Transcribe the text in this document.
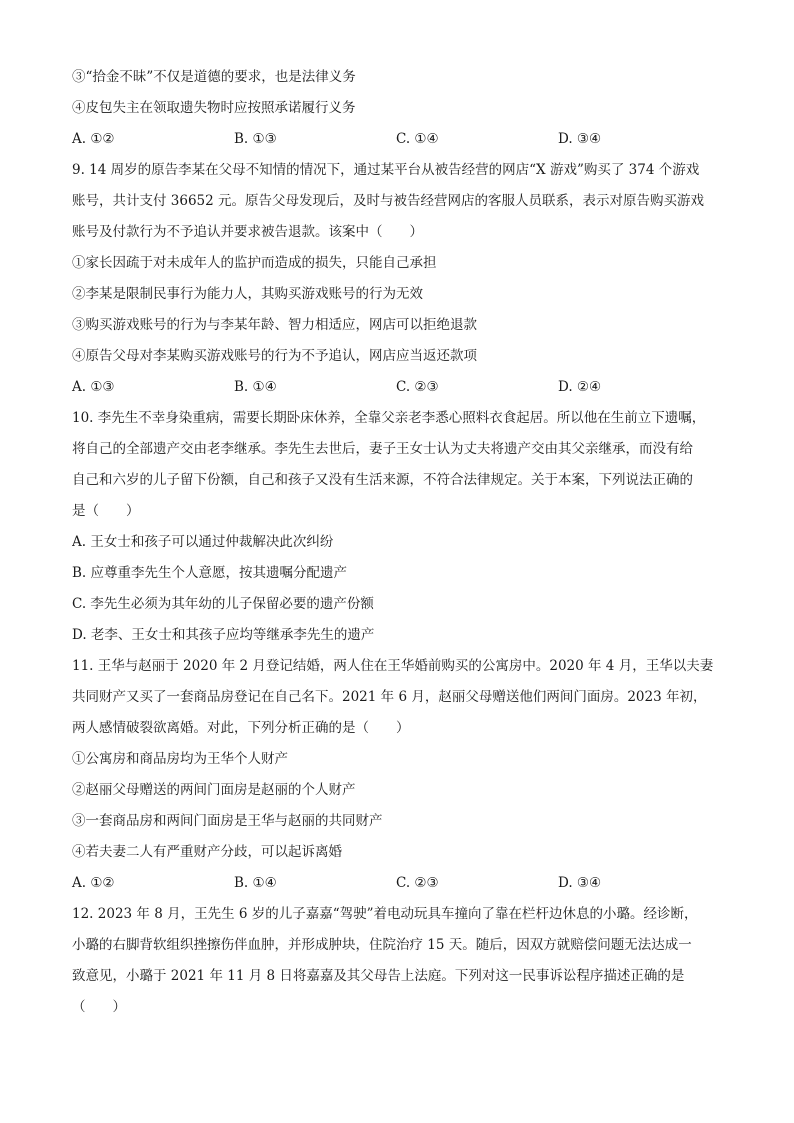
③“拾金不昧”不仅是道德的要求，也是法律义务
④皮包失主在领取遗失物时应按照承诺履行义务
A. ①②	B. ①③	C. ①④	D. ③④
9. 14 周岁的原告李某在父母不知情的情况下，通过某平台从被告经营的网店“X 游戏”购买了 374 个游戏
账号，共计支付 36652 元。原告父母发现后，及时与被告经营网店的客服人员联系，表示对原告购买游戏
账号及付款行为不予追认并要求被告退款。该案中（　　）
①家长因疏于对未成年人的监护而造成的损失，只能自己承担
②李某是限制民事行为能力人，其购买游戏账号的行为无效
③购买游戏账号的行为与李某年龄、智力相适应，网店可以拒绝退款
④原告父母对李某购买游戏账号的行为不予追认，网店应当返还款项
A. ①③	B. ①④	C. ②③	D. ②④
10. 李先生不幸身染重病，需要长期卧床休养，全靠父亲老李悉心照料衣食起居。所以他在生前立下遗嘱，
将自己的全部遗产交由老李继承。李先生去世后，妻子王女士认为丈夫将遗产交由其父亲继承，而没有给
自己和六岁的儿子留下份额，自己和孩子又没有生活来源，不符合法律规定。关于本案，下列说法正确的
是（　　）
A. 王女士和孩子可以通过仲裁解决此次纠纷
B. 应尊重李先生个人意愿，按其遗嘱分配遗产
C. 李先生必须为其年幼的儿子保留必要的遗产份额
D. 老李、王女士和其孩子应均等继承李先生的遗产
11. 王华与赵丽于 2020 年 2 月登记结婚，两人住在王华婚前购买的公寓房中。2020 年 4 月，王华以夫妻
共同财产又买了一套商品房登记在自己名下。2021 年 6 月，赵丽父母赠送他们两间门面房。2023 年初，
两人感情破裂欲离婚。对此，下列分析正确的是（　　）
①公寓房和商品房均为王华个人财产
②赵丽父母赠送的两间门面房是赵丽的个人财产
③一套商品房和两间门面房是王华与赵丽的共同财产
④若夫妻二人有严重财产分歧，可以起诉离婚
A. ①②	B. ①④	C. ②③	D. ③④
12. 2023 年 8 月，王先生 6 岁的儿子嘉嘉“驾驶”着电动玩具车撞向了靠在栏杆边休息的小璐。经诊断，
小璐的右脚背软组织挫擦伤伴血肿，并形成肿块，住院治疗 15 天。随后，因双方就赔偿问题无法达成一
致意见，小璐于 2021 年 11 月 8 日将嘉嘉及其父母告上法庭。下列对这一民事诉讼程序描述正确的是
（　　）
